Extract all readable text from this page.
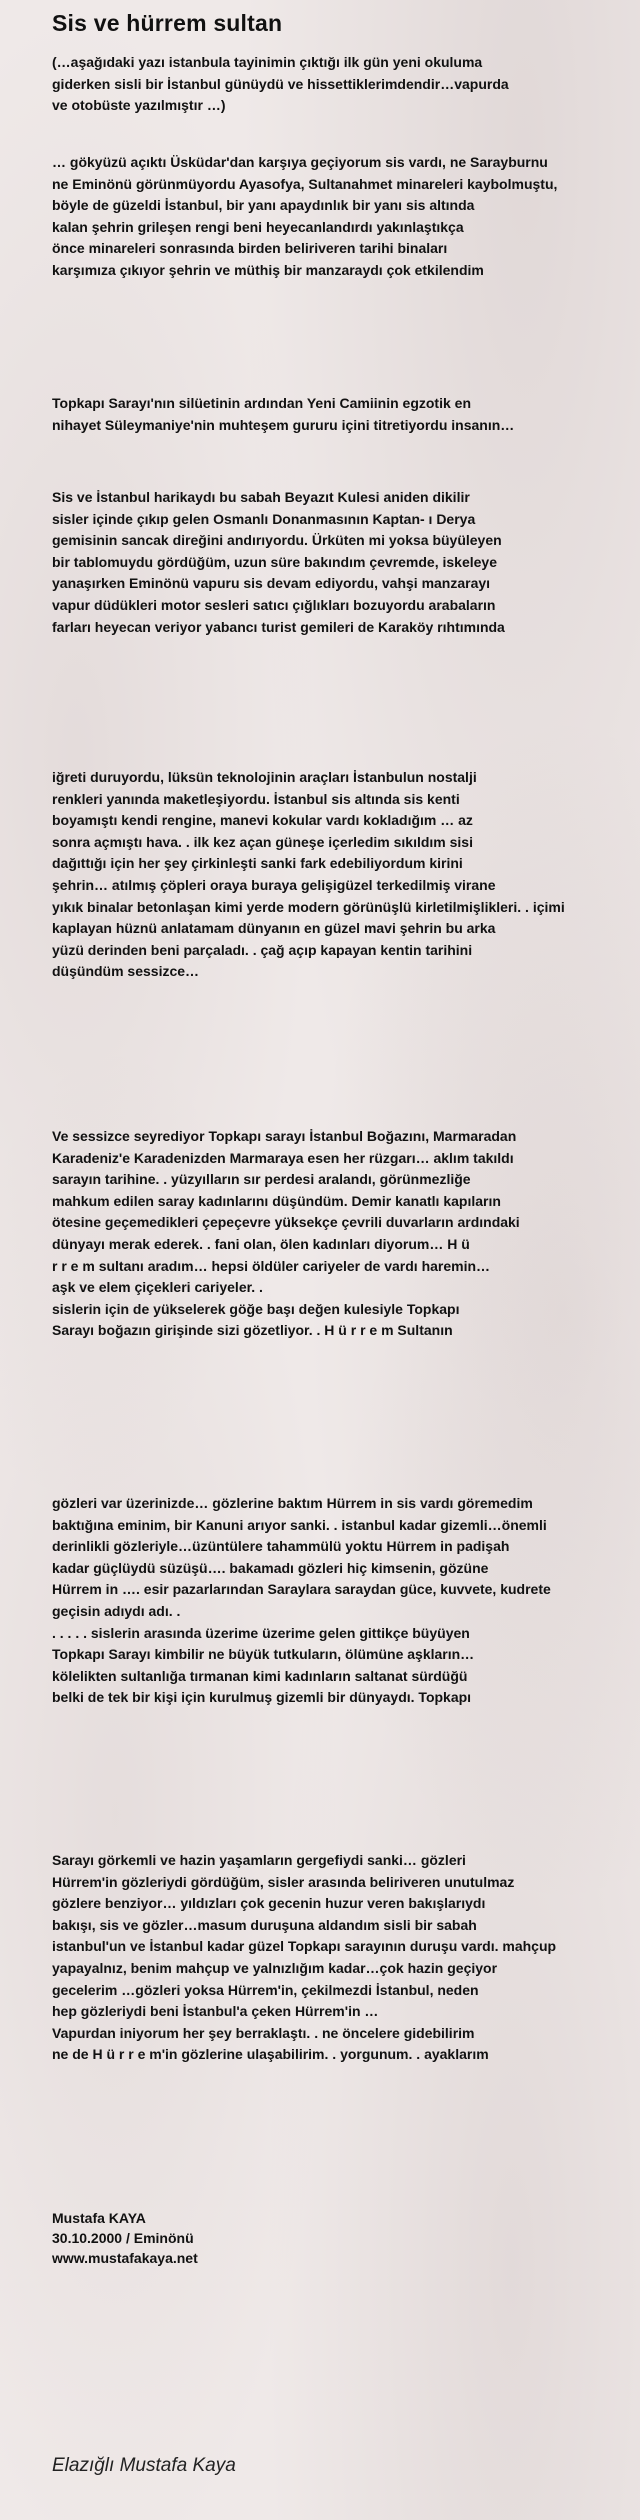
Sis ve hürrem sultan
(…aşağıdaki yazı istanbula tayinimin çıktığı ilk gün yeni okuluma
giderken sisli bir İstanbul günüydü ve hissettiklerimdendir…vapurda
ve otobüste yazılmıştır …)
… gökyüzü açıktı Üsküdar'dan karşıya geçiyorum sis vardı, ne Sarayburnu
ne Eminönü görünmüyordu Ayasofya, Sultanahmet minareleri kaybolmuştu,
böyle de güzeldi İstanbul, bir yanı apaydınlık bir yanı sis altında
kalan şehrin grileşen rengi beni heyecanlandırdı yakınlaştıkça
önce minareleri sonrasında birden beliriveren tarihi binaları
karşımıza çıkıyor şehrin ve müthiş bir manzaraydı çok etkilendim
Topkapı Sarayı'nın silüetinin ardından Yeni Camiinin egzotik en
nihayet Süleymaniye'nin muhteşem gururu içini titretiyordu insanın…
Sis ve İstanbul harikaydı bu sabah Beyazıt Kulesi aniden dikilir
sisler içinde çıkıp gelen Osmanlı Donanmasının Kaptan- ı Derya
gemisinin sancak direğini andırıyordu. Ürküten mi yoksa büyüleyen
bir tablomuydu gördüğüm, uzun süre bakındım çevremde, iskeleye
yanaşırken Eminönü vapuru sis devam ediyordu, vahşi manzarayı
vapur düdükleri motor sesleri satıcı çığlıkları bozuyordu arabaların
farları heyecan veriyor yabancı turist gemileri de Karaköy rıhtımında
iğreti duruyordu, lüksün teknolojinin araçları İstanbulun nostalji
renkleri yanında maketleşiyordu. İstanbul sis altında sis kenti
boyamıştı kendi rengine, manevi kokular vardı kokladığım … az
sonra açmıştı hava. . ilk kez açan güneşe içerledim sıkıldım sisi
dağıttığı için her şey çirkinleşti sanki fark edebiliyordum kirini
şehrin… atılmış çöpleri oraya buraya gelişigüzel terkedilmiş virane
yıkık binalar betonlaşan kimi yerde modern görünüşlü kirletilmişlikleri. . içimi
kaplayan hüznü anlatamam dünyanın en güzel mavi şehrin bu arka
yüzü derinden beni parçaladı. . çağ açıp kapayan kentin tarihini
düşündüm sessizce…
Ve sessizce seyrediyor Topkapı sarayı İstanbul Boğazını, Marmaradan
Karadeniz'e Karadenizden Marmaraya esen her rüzgarı… aklım takıldı
sarayın tarihine. . yüzyılların sır perdesi aralandı, görünmezliğe
mahkum edilen saray kadınlarını düşündüm. Demir kanatlı kapıların
ötesine geçemedikleri çepeçevre yüksekçe çevrili duvarların ardındaki
dünyayı merak ederek. . fani olan, ölen kadınları diyorum… H ü
r r e m sultanı aradım… hepsi öldüler cariyeler de vardı haremin…
aşk ve elem çiçekleri cariyeler. .
sislerin için de yükselerek göğe başı değen kulesiyle Topkapı
Sarayı boğazın girişinde sizi gözetliyor. . H ü r r e m Sultanın
gözleri var üzerinizde… gözlerine baktım Hürrem in sis vardı göremedim
baktığına eminim, bir Kanuni arıyor sanki. . istanbul kadar gizemli…önemli
derinlikli gözleriyle…üzüntülere tahammülü yoktu Hürrem in padişah
kadar güçlüydü süzüşü…. bakamadı gözleri hiç kimsenin, gözüne
Hürrem in …. esir pazarlarından Saraylara saraydan güce, kuvvete, kudrete
geçisin adıydı adı. .
. . . . . sislerin arasında üzerime üzerime gelen gittikçe büyüyen
Topkapı Sarayı kimbilir ne büyük tutkuların, ölümüne aşkların…
kölelikten sultanlığa tırmanan kimi kadınların saltanat sürdüğü
belki de tek bir kişi için kurulmuş gizemli bir dünyaydı. Topkapı
Sarayı görkemli ve hazin yaşamların gergefiydi sanki… gözleri
Hürrem'in gözleriydi gördüğüm, sisler arasında beliriveren unutulmaz
gözlere benziyor… yıldızları çok gecenin huzur veren bakışlarıydı
bakışı, sis ve gözler…masum duruşuna aldandım sisli bir sabah
istanbul'un ve İstanbul kadar güzel Topkapı sarayının duruşu vardı. mahçup
yapayalnız, benim mahçup ve yalnızlığım kadar…çok hazin geçiyor
gecelerim …gözleri yoksa Hürrem'in, çekilmezdi İstanbul, neden
hep gözleriydi beni İstanbul'a çeken Hürrem'in …
Vapurdan iniyorum her şey berraklaştı. . ne öncelere gidebilirim
ne de H ü r r e m'in gözlerine ulaşabilirim. . yorgunum. . ayaklarım
Mustafa KAYA
30.10.2000 / Eminönü
www.mustafakaya.net
Elazığlı Mustafa Kaya
